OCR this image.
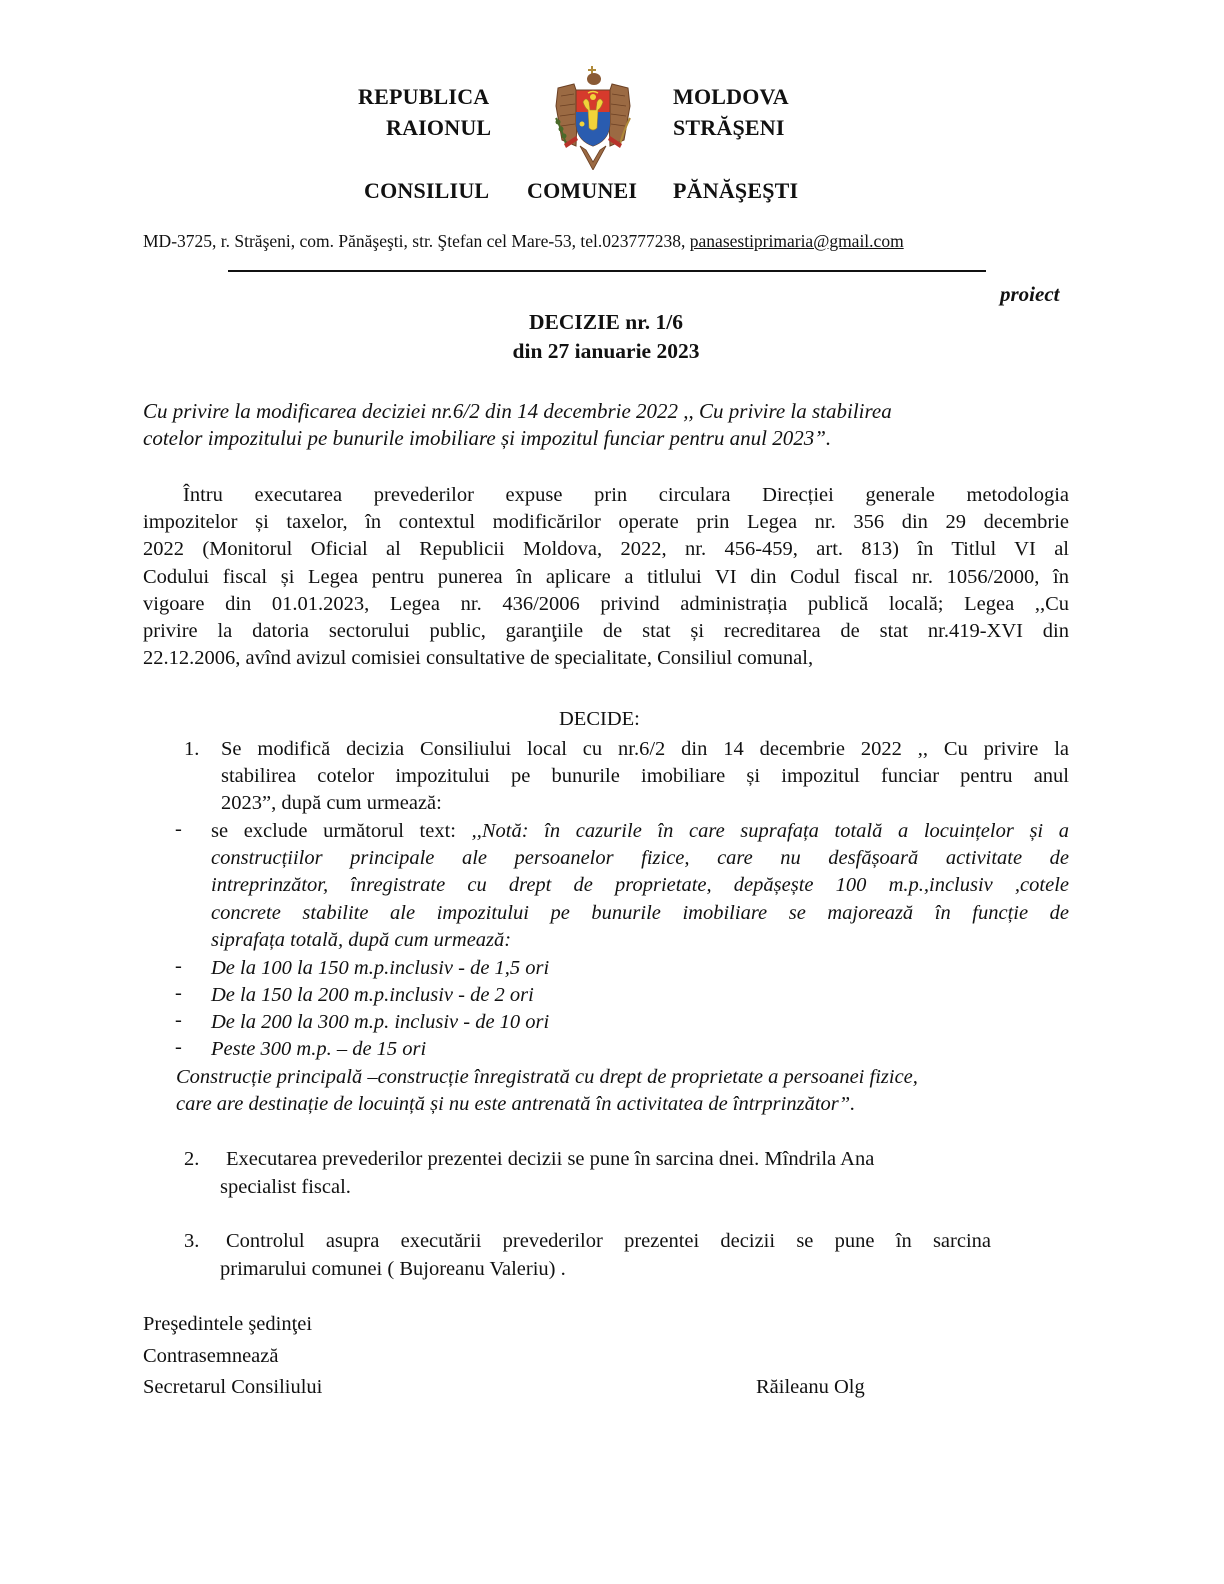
REPUBLICA
RAIONUL
MOLDOVA
STRĂŞENI
CONSILIUL COMUNEI PĂNĂŞEŞTI
MD-3725, r. Străşeni, com. Pănăşeşti, str. Ştefan cel Mare-53, tel.023777238, panasestiprimaria@gmail.com
proiect
DECIZIE nr. 1/6
din 27 ianuarie 2023
Cu privire la modificarea deciziei nr.6/2 din 14 decembrie 2022 ,, Cu privire la stabilirea
cotelor impozitului pe bunurile imobiliare și impozitul funciar pentru anul 2023”.
Întru executarea prevederilor expuse prin circulara Direcției generale metodologia
impozitelor și taxelor, în contextul modificărilor operate prin Legea nr. 356 din 29 decembrie
2022 (Monitorul Oficial al Republicii Moldova, 2022, nr. 456-459, art. 813) în Titlul VI al
Codului fiscal și Legea pentru punerea în aplicare a titlului VI din Codul fiscal nr. 1056/2000, în
vigoare din 01.01.2023, Legea nr. 436/2006 privind administrația publică locală; Legea ,,Cu
privire la datoria sectorului public, garanţiile de stat și recreditarea de stat nr.419-XVI din
22.12.2006, avînd avizul comisiei consultative de specialitate, Consiliul comunal,
DECIDE:
1. Se modifică decizia Consiliului local cu nr.6/2 din 14 decembrie 2022 ,, Cu privire la
stabilirea cotelor impozitului pe bunurile imobiliare și impozitul funciar pentru anul
2023”, după cum urmează:
- se exclude următorul text: ,,Notă: în cazurile în care suprafața totală a locuințelor și a
construcțiilor principale ale persoanelor fizice, care nu desfășoară activitate de
intreprinzător, înregistrate cu drept de proprietate, depășește 100 m.p.,inclusiv ,cotele
concrete stabilite ale impozitului pe bunurile imobiliare se majorează în funcție de
siprafața totală, după cum urmează:
- De la 100 la 150 m.p.inclusiv - de 1,5 ori
- De la 150 la 200 m.p.inclusiv - de 2 ori
- De la 200 la 300 m.p. inclusiv - de 10 ori
- Peste 300 m.p. – de 15 ori
Construcție principală –construcție înregistrată cu drept de proprietate a persoanei fizice,
care are destinație de locuință și nu este antrenată în activitatea de întrprinzător”.
2. Executarea prevederilor prezentei decizii se pune în sarcina dnei. Mîndrila Ana
specialist fiscal.
3. Controlul asupra executării prevederilor prezentei decizii se pune în sarcina
primarului comunei ( Bujoreanu Valeriu) .
Preşedintele şedinţei
Contrasemnează
Secretarul Consiliului	Răileanu Olg
